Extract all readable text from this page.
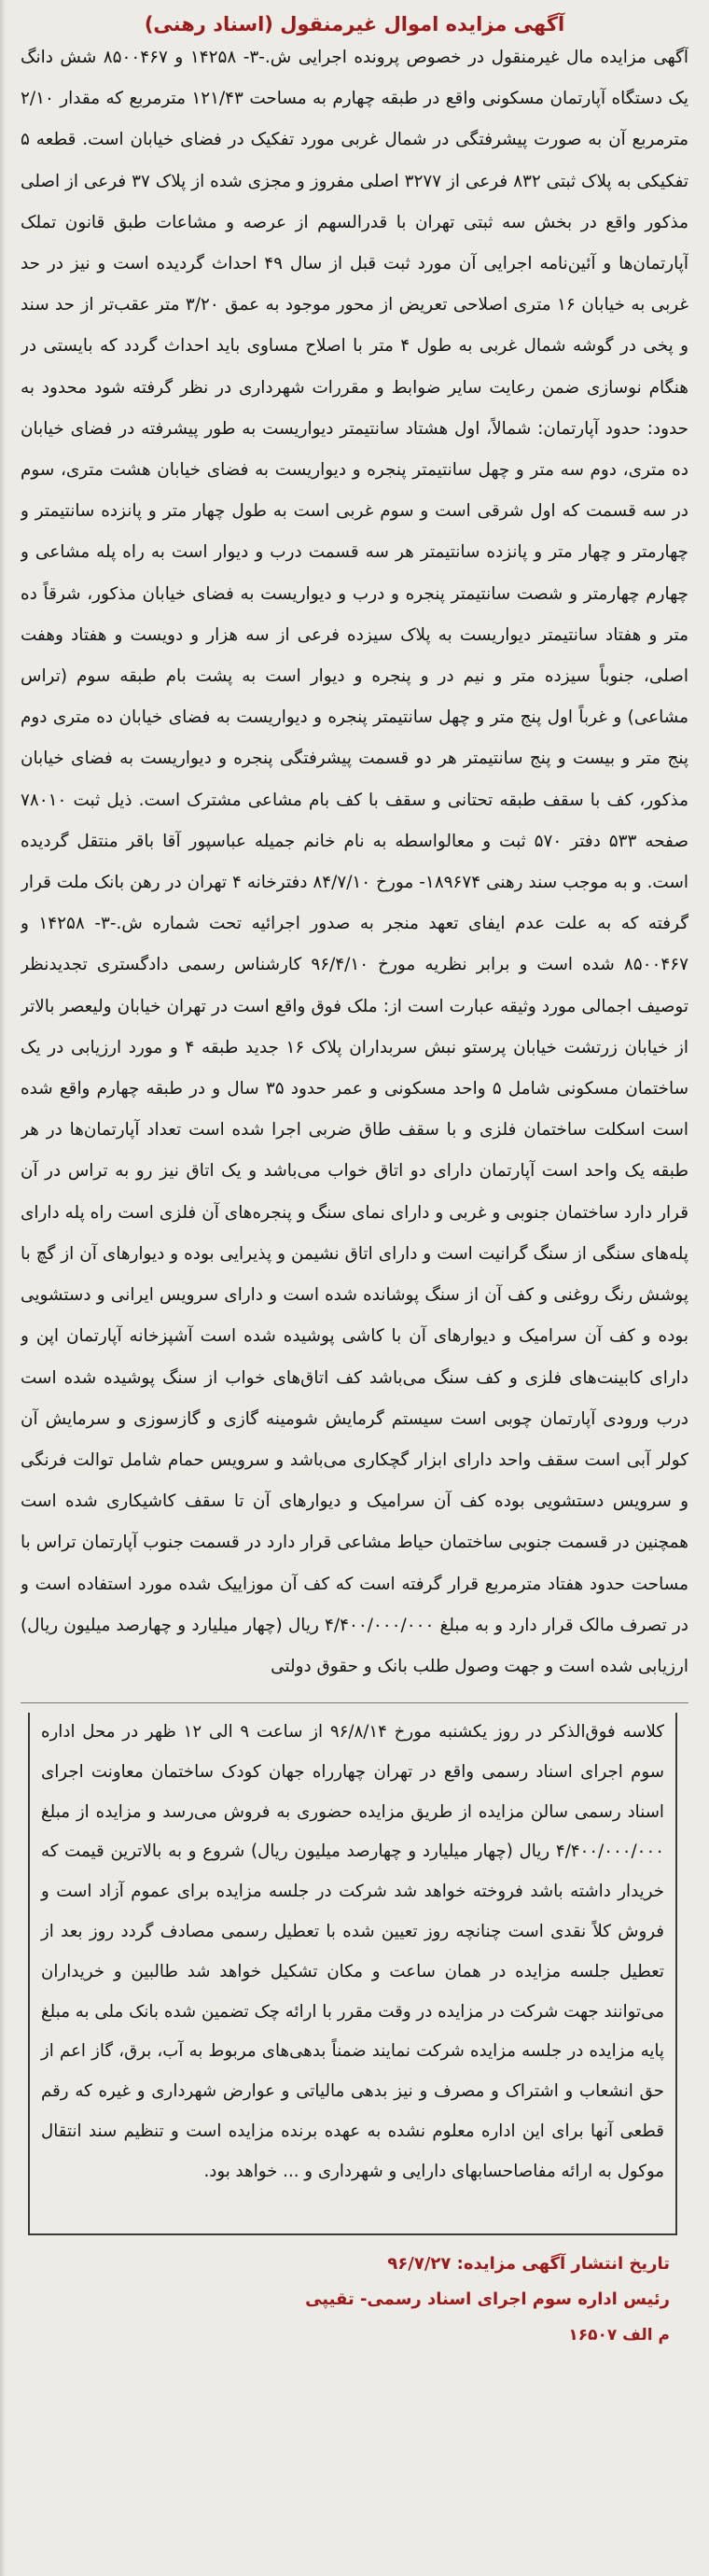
آگهی مزایده اموال غیرمنقول (اسناد رهنی)

آگهی مزایده مال غیرمنقول در خصوص پرونده اجرایی ش.-۳- ۱۴۲۵۸ و ۸۵۰۰۴۶۷ شش دانگ یک دستگاه آپارتمان مسکونی واقع در طبقه چهارم به مساحت ۱۲۱/۴۳ مترمربع که مقدار ۲/۱۰ مترمربع آن به صورت پیشرفتگی در شمال غربی مورد تفکیک در فضای خیابان است. قطعه ۵ تفکیکی به پلاک ثبتی ۸۳۲ فرعی از ۳۲۷۷ اصلی مفروز و مجزی شده از پلاک ۳۷ فرعی از اصلی مذکور واقع در بخش سه ثبتی تهران با قدرالسهم از عرصه و مشاعات طبق قانون تملک آپارتمان‌ها و آئین‌نامه اجرایی آن مورد ثبت قبل از سال ۴۹ احداث گردیده است و نیز در حد غربی به خیابان ۱۶ متری اصلاحی تعریض از محور موجود به عمق ۳/۲۰ متر عقب‌تر از حد سند و پخی در گوشه شمال غربی به طول ۴ متر با اصلاح مساوی باید احداث گردد که بایستی در هنگام نوسازی ضمن رعایت سایر ضوابط و مقررات شهرداری در نظر گرفته شود محدود به حدود: حدود آپارتمان: شمالاً، اول هشتاد سانتیمتر دیواریست به طور پیشرفته در فضای خیابان ده متری، دوم سه متر و چهل سانتیمتر پنجره و دیواریست به فضای خیابان هشت متری، سوم در سه قسمت که اول شرقی است و سوم غربی است به طول چهار متر و پانزده سانتیمتر و چهارمتر و چهار متر و پانزده سانتیمتر هر سه قسمت درب و دیوار است به راه پله مشاعی و چهارم چهارمتر و شصت سانتیمتر پنجره و درب و دیواریست به فضای خیابان مذکور، شرقاً ده متر و هفتاد سانتیمتر دیواریست به پلاک سیزده فرعی از سه هزار و دویست و هفتاد وهفت اصلی، جنوباً سیزده متر و نیم در و پنجره و دیوار است به پشت بام طبقه سوم (تراس مشاعی) و غرباً اول پنج متر و چهل سانتیمتر پنجره و دیواریست به فضای خیابان ده متری دوم پنج متر و بیست و پنج سانتیمتر هر دو قسمت پیشرفتگی پنجره و دیواریست به فضای خیابان مذکور، کف با سقف طبقه تحتانی و سقف با کف بام مشاعی مشترک است. ذیل ثبت ۷۸۰۱۰ صفحه ۵۳۳ دفتر ۵۷۰ ثبت و معالواسطه به نام خانم جمیله عباسپور آقا باقر منتقل گردیده است. و به موجب سند رهنی ۱۸۹۶۷۴- مورخ ۸۴/۷/۱۰ دفترخانه ۴ تهران در رهن بانک ملت قرار گرفته که به علت عدم ایفای تعهد منجر به صدور اجرائیه تحت شماره ش.-۳- ۱۴۲۵۸ و ۸۵۰۰۴۶۷ شده است و برابر نظریه مورخ ۹۶/۴/۱۰ کارشناس رسمی دادگستری تجدیدنظر توصیف اجمالی مورد وثیقه عبارت است از: ملک فوق واقع است در تهران خیابان ولیعصر بالاتر از خیابان زرتشت خیابان پرستو نبش سربداران پلاک ۱۶ جدید طبقه ۴ و مورد ارزیابی در یک ساختمان مسکونی شامل ۵ واحد مسکونی و عمر حدود ۳۵ سال و در طبقه چهارم واقع شده است اسکلت ساختمان فلزی و با سقف طاق ضربی اجرا شده است تعداد آپارتمان‌ها در هر طبقه یک واحد است آپارتمان دارای دو اتاق خواب می‌باشد و یک اتاق نیز رو به تراس در آن قرار دارد ساختمان جنوبی و غربی و دارای نمای سنگ و پنجره‌های آن فلزی است راه پله دارای پله‌های سنگی از سنگ گرانیت است و دارای اتاق نشیمن و پذیرایی بوده و دیوارهای آن از گچ با پوشش رنگ روغنی و کف آن از سنگ پوشانده شده است و دارای سرویس ایرانی و دستشویی بوده و کف آن سرامیک و دیوارهای آن با کاشی پوشیده شده است آشپزخانه آپارتمان اپن و دارای کابینت‌های فلزی و کف سنگ می‌باشد کف اتاق‌های خواب از سنگ پوشیده شده است درب ورودی آپارتمان چوبی است سیستم گرمایش شومینه گازی و گازسوزی و سرمایش آن کولر آبی است سقف واحد دارای ابزار گچکاری می‌باشد و سرویس حمام شامل توالت فرنگی و سرویس دستشویی بوده کف آن سرامیک و دیوارهای آن تا سقف کاشیکاری شده است همچنین در قسمت جنوبی ساختمان حیاط مشاعی قرار دارد در قسمت جنوب آپارتمان تراس با مساحت حدود هفتاد مترمربع قرار گرفته است که کف آن موزاییک شده مورد استفاده است و در تصرف مالک قرار دارد و به مبلغ ۴/۴۰۰/۰۰۰/۰۰۰ ریال (چهار میلیارد و چهارصد میلیون ریال) ارزیابی شده است و جهت وصول طلب بانک و حقوق دولتی

کلاسه فوق‌الذکر در روز یکشنبه مورخ ۹۶/۸/۱۴ از ساعت ۹ الی ۱۲ ظهر در محل اداره سوم اجرای اسناد رسمی واقع در تهران چهارراه جهان کودک ساختمان معاونت اجرای اسناد رسمی سالن مزایده از طریق مزایده حضوری به فروش می‌رسد و مزایده از مبلغ ۴/۴۰۰/۰۰۰/۰۰۰ ریال (چهار میلیارد و چهارصد میلیون ریال) شروع و به بالاترین قیمت که خریدار داشته باشد فروخته خواهد شد شرکت در جلسه مزایده برای عموم آزاد است و فروش کلاً نقدی است چنانچه روز تعیین شده با تعطیل رسمی مصادف گردد روز بعد از تعطیل جلسه مزایده در همان ساعت و مکان تشکیل خواهد شد طالبین و خریداران می‌توانند جهت شرکت در مزایده در وقت مقرر با ارائه چک تضمین شده بانک ملی به مبلغ پایه مزایده در جلسه مزایده شرکت نمایند ضمناً بدهی‌های مربوط به آب، برق، گاز اعم از حق انشعاب و اشتراک و مصرف و نیز بدهی مالیاتی و عوارض شهرداری و غیره که رقم قطعی آنها برای این اداره معلوم نشده به عهده برنده مزایده است و تنظیم سند انتقال موکول به ارائه مفاصاحسابهای دارایی و شهرداری و ... خواهد بود.

تاریخ انتشار آگهی مزایده: ۹۶/۷/۲۷
رئیس اداره سوم اجرای اسناد رسمی- تقیپی
م الف ۱۶۵۰۷
